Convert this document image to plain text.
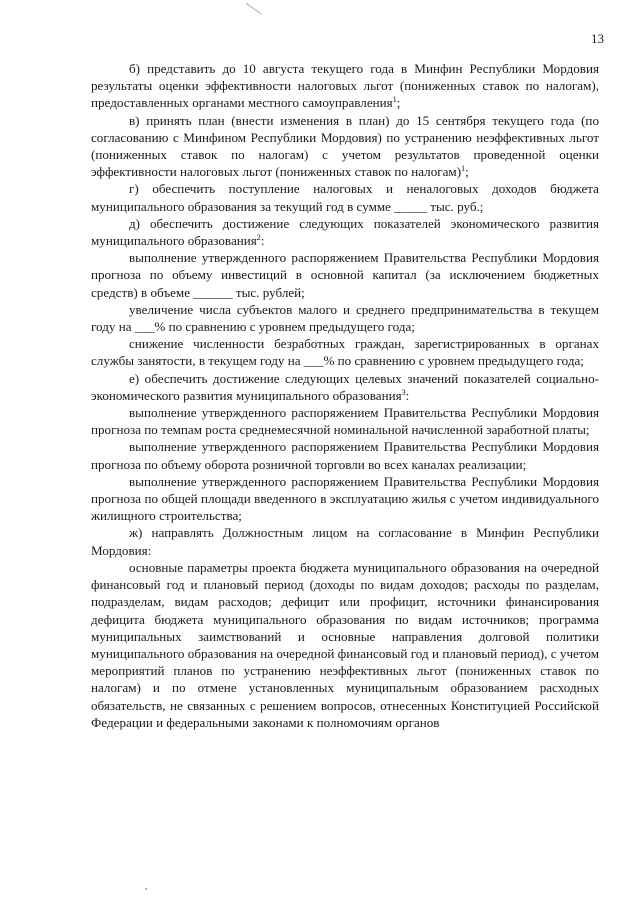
13

б) представить до 10 августа текущего года в Минфин Республики Мордовия результаты оценки эффективности налоговых льгот (пониженных ставок по налогам), предоставленных органами местного самоуправления$^1$;

в) принять план (внести изменения в план) до 15 сентября текущего года (по согласованию с Минфином Республики Мордовия) по устранению неэффективных льгот (пониженных ставок по налогам) с учетом результатов проведенной оценки эффективности налоговых льгот (пониженных ставок по налогам)$^1$;

г) обеспечить поступление налоговых и неналоговых доходов бюджета муниципального образования за текущий год в сумме _____ тыс. руб.;

д) обеспечить достижение следующих показателей экономического развития муниципального образования$^2$:

выполнение утвержденного распоряжением Правительства Республики Мордовия прогноза по объему инвестиций в основной капитал (за исключением бюджетных средств) в объеме ______ тыс. рублей;

увеличение числа субъектов малого и среднего предпринимательства в текущем году на ___% по сравнению с уровнем предыдущего года;

снижение численности безработных граждан, зарегистрированных в органах службы занятости, в текущем году на ___% по сравнению с уровнем предыдущего года;

е) обеспечить достижение следующих целевых значений показателей социально-экономического развития муниципального образования$^3$:

выполнение утвержденного распоряжением Правительства Республики Мордовия прогноза по темпам роста среднемесячной номинальной начисленной заработной платы;

выполнение утвержденного распоряжением Правительства Республики Мордовия прогноза по объему оборота розничной торговли во всех каналах реализации;

выполнение утвержденного распоряжением Правительства Республики Мордовия прогноза по общей площади введенного в эксплуатацию жилья с учетом индивидуального жилищного строительства;

ж) направлять Должностным лицом на согласование в Минфин Республики Мордовия:

основные параметры проекта бюджета муниципального образования на очередной финансовый год и плановый период (доходы по видам доходов; расходы по разделам, подразделам, видам расходов; дефицит или профицит, источники финансирования дефицита бюджета муниципального образования по видам источников; программа муниципальных заимствований и основные направления долговой политики муниципального образования на очередной финансовый год и плановый период), с учетом мероприятий планов по устранению неэффективных льгот (пониженных ставок по налогам) и по отмене установленных муниципальным образованием расходных обязательств, не связанных с решением вопросов, отнесенных Конституцией Российской Федерации и федеральными законами к полномочиям органов
